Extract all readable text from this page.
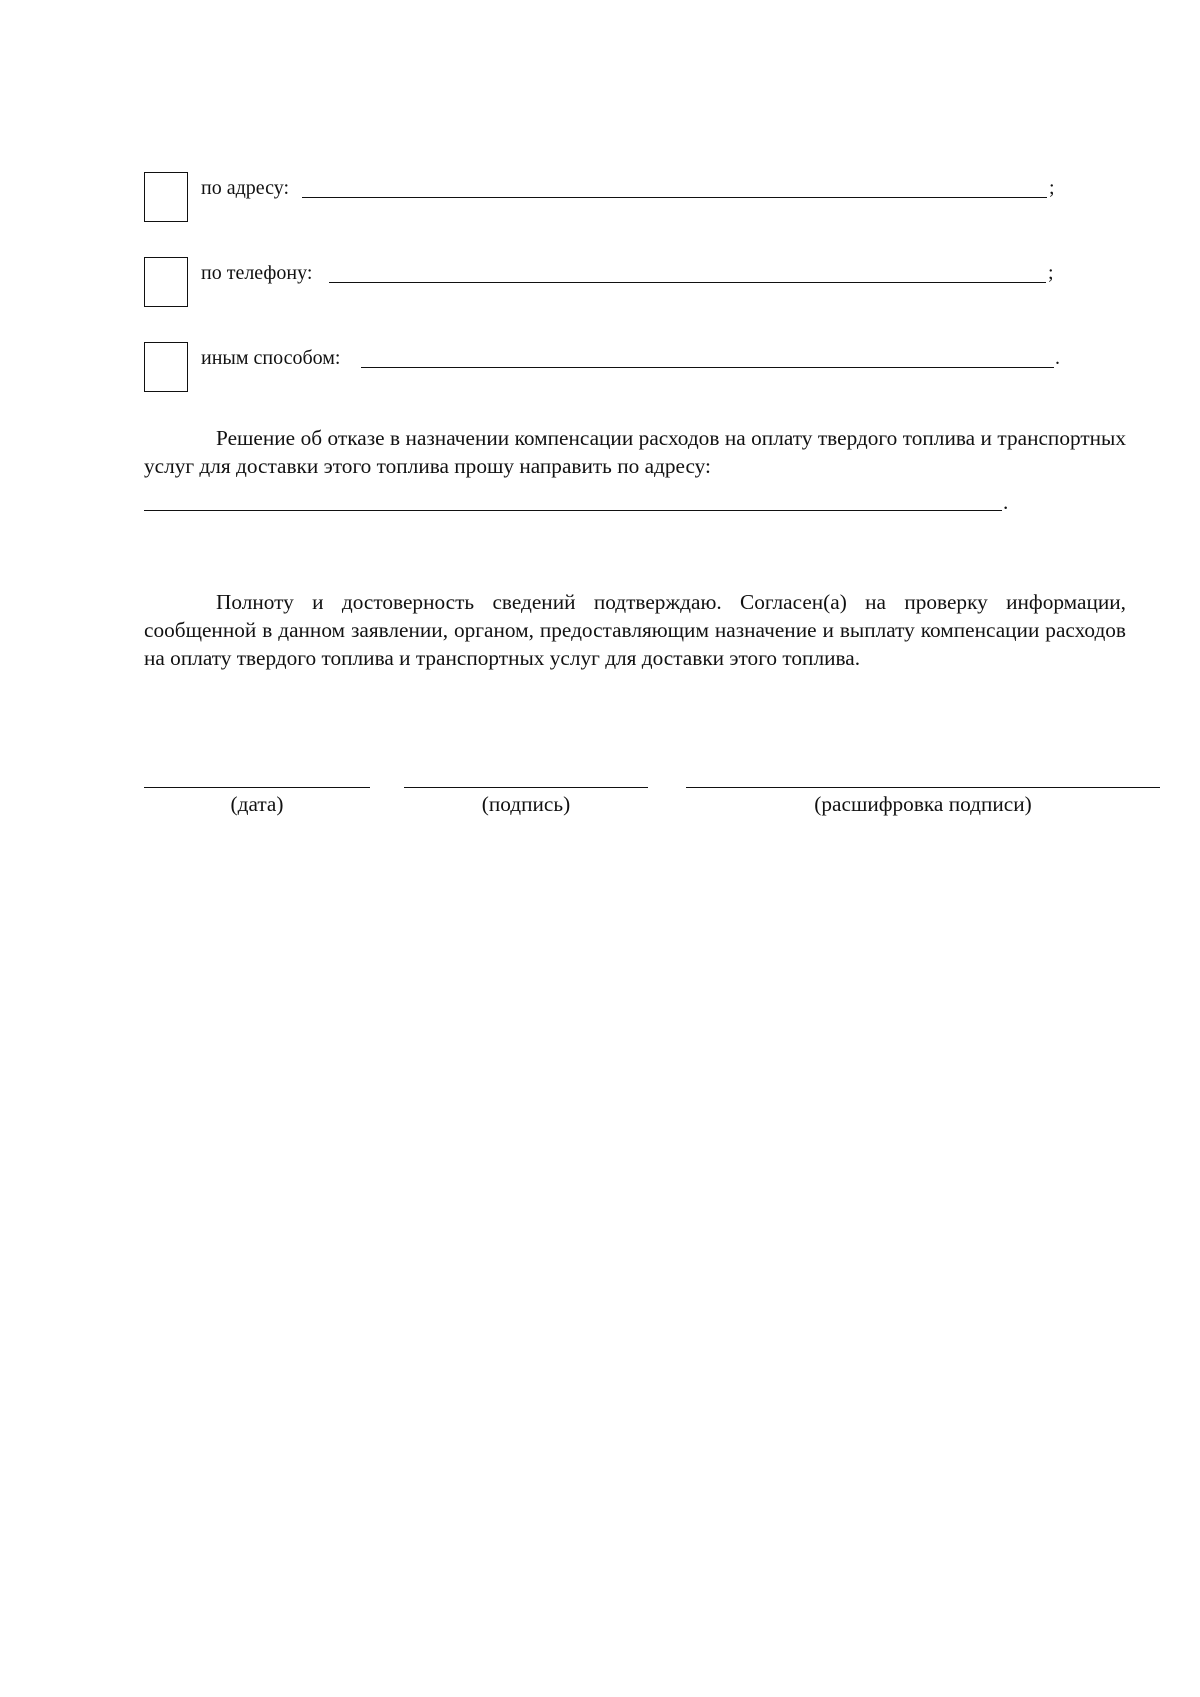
по адресу:	;
по телефону:	;
иным способом:	.
Решение об отказе в назначении компенсации расходов на оплату твердого топлива и транспортных услуг для доставки этого топлива прошу направить по адресу:
.
Полноту и достоверность сведений подтверждаю. Согласен(а) на проверку информации, сообщенной в данном заявлении, органом, предоставляющим назначение и выплату компенсации расходов на оплату твердого топлива и транспортных услуг для доставки этого топлива.
(дата)	(подпись)	(расшифровка подписи)
